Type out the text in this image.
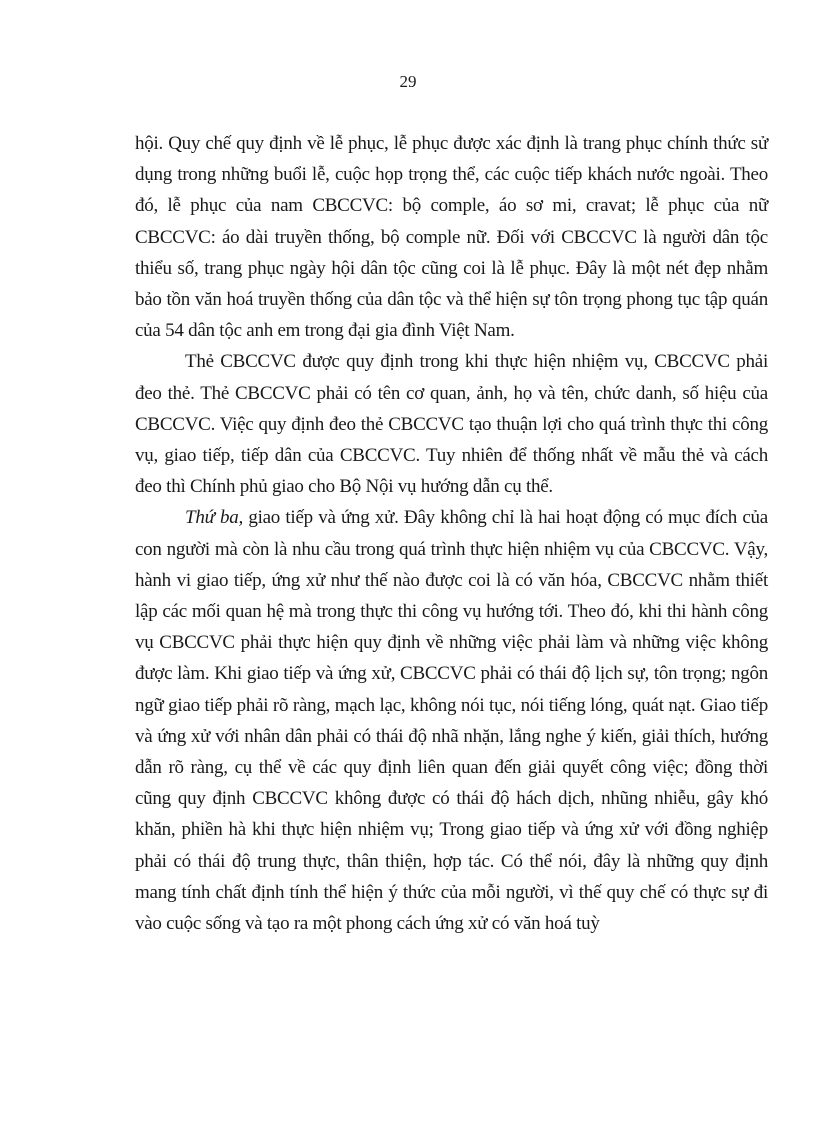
29

hội. Quy chế quy định về lễ phục, lễ phục được xác định là trang phục chính thức sử dụng trong những buổi lễ, cuộc họp trọng thể, các cuộc tiếp khách nước ngoài. Theo đó, lễ phục của nam CBCCVC: bộ comple, áo sơ mi, cravat; lễ phục của nữ CBCCVC: áo dài truyền thống, bộ comple nữ. Đối với CBCCVC là người dân tộc thiểu số, trang phục ngày hội dân tộc cũng coi là lễ phục. Đây là một nét đẹp nhằm bảo tồn văn hoá truyền thống của dân tộc và thể hiện sự tôn trọng phong tục tập quán của 54 dân tộc anh em trong đại gia đình Việt Nam.

Thẻ CBCCVC được quy định trong khi thực hiện nhiệm vụ, CBCCVC phải đeo thẻ. Thẻ CBCCVC phải có tên cơ quan, ảnh, họ và tên, chức danh, số hiệu của CBCCVC. Việc quy định đeo thẻ CBCCVC tạo thuận lợi cho quá trình thực thi công vụ, giao tiếp, tiếp dân của CBCCVC. Tuy nhiên để thống nhất về mẫu thẻ và cách đeo thì Chính phủ giao cho Bộ Nội vụ hướng dẫn cụ thể.

Thứ ba, giao tiếp và ứng xử. Đây không chỉ là hai hoạt động có mục đích của con người mà còn là nhu cầu trong quá trình thực hiện nhiệm vụ của CBCCVC. Vậy, hành vi giao tiếp, ứng xử như thế nào được coi là có văn hóa, CBCCVC nhằm thiết lập các mối quan hệ mà trong thực thi công vụ hướng tới. Theo đó, khi thi hành công vụ CBCCVC phải thực hiện quy định về những việc phải làm và những việc không được làm. Khi giao tiếp và ứng xử, CBCCVC phải có thái độ lịch sự, tôn trọng; ngôn ngữ giao tiếp phải rõ ràng, mạch lạc, không nói tục, nói tiếng lóng, quát nạt. Giao tiếp và ứng xử với nhân dân phải có thái độ nhã nhặn, lắng nghe ý kiến, giải thích, hướng dẫn rõ ràng, cụ thể về các quy định liên quan đến giải quyết công việc; đồng thời cũng quy định CBCCVC không được có thái độ hách dịch, nhũng nhiễu, gây khó khăn, phiền hà khi thực hiện nhiệm vụ; Trong giao tiếp và ứng xử với đồng nghiệp phải có thái độ trung thực, thân thiện, hợp tác. Có thể nói, đây là những quy định mang tính chất định tính thể hiện ý thức của mỗi người, vì thế quy chế có thực sự đi vào cuộc sống và tạo ra một phong cách ứng xử có văn hoá tuỳ
